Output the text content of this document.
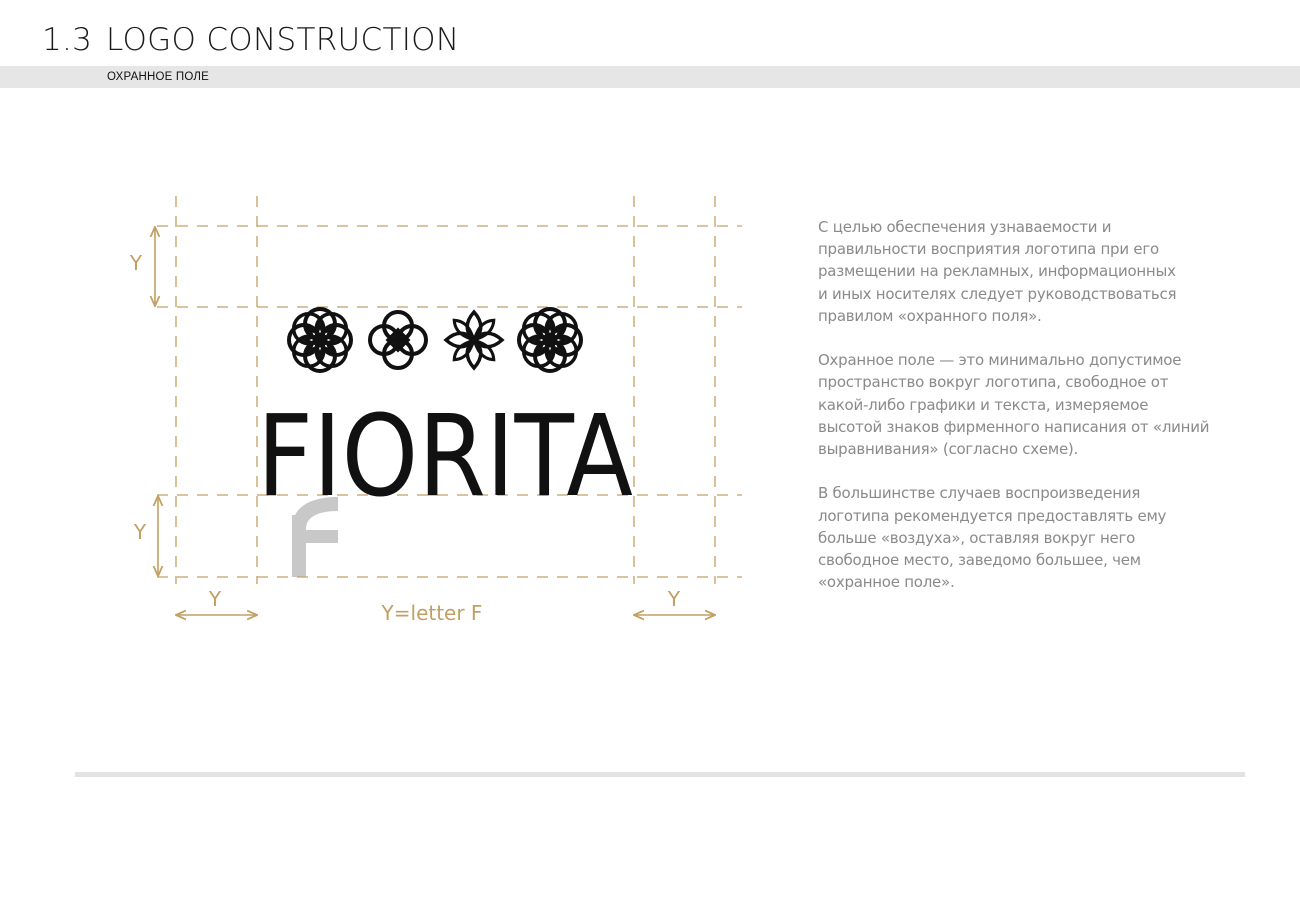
1.3 LOGO CONSTRUCTION
ОХРАННОЕ ПОЛЕ
FIORITA
Y
Y
Y	Y
Y=letter F

С целью обеспечения узнаваемости и
правильности восприятия логотипа при его
размещении на рекламных, информационных
и иных носителях следует руководствоваться
правилом «охранного поля».

Охранное поле — это минимально допустимое
пространство вокруг логотипа, свободное от
какой-либо графики и текста, измеряемое
высотой знаков фирменного написания от «линий
выравнивания» (согласно схеме).

В большинстве случаев воспроизведения
логотипа рекомендуется предоставлять ему
больше «воздуха», оставляя вокруг него
свободное место, заведомо большее, чем
«охранное поле».
